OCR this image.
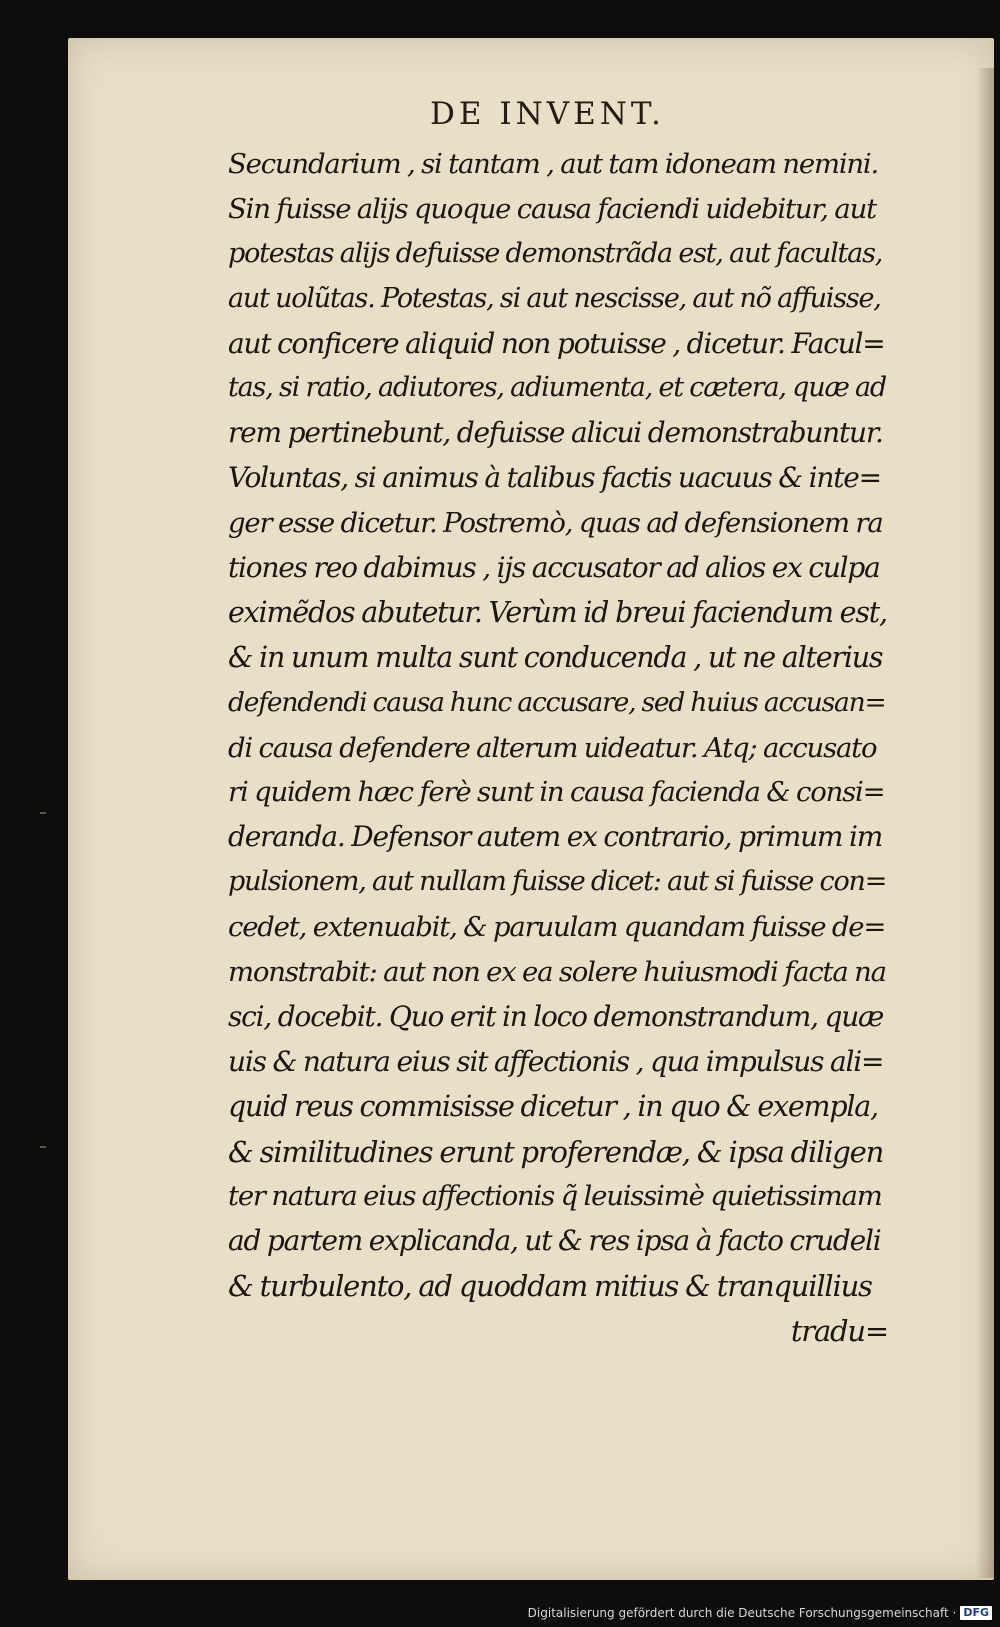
DE INVENT.
Secundarium , si tantam , aut tam idoneam nemini.
Sin fuisse alijs quoque causa faciendi uidebitur, aut
potestas alijs defuisse demonstrãda est, aut facultas,
aut uolũtas. Potestas, si aut nescisse, aut nõ affuisse,
aut conficere aliquid non potuisse , dicetur. Facul=
tas, si ratio, adiutores, adiumenta, et cætera, quæ ad
rem pertinebunt, defuisse alicui demonstrabuntur.
Voluntas, si animus à talibus factis uacuus & inte=
ger esse dicetur. Postremò, quas ad defensionem ra
tiones reo dabimus , ijs accusator ad alios ex culpa
eximẽdos abutetur. Verùm id breui faciendum est,
& in unum multa sunt conducenda , ut ne alterius
defendendi causa hunc accusare, sed huius accusan=
di causa defendere alterum uideatur. Atq; accusato
ri quidem hæc ferè sunt in causa facienda & consi=
deranda. Defensor autem ex contrario, primum im
pulsionem, aut nullam fuisse dicet: aut si fuisse con=
cedet, extenuabit, & paruulam quandam fuisse de=
monstrabit: aut non ex ea solere huiusmodi facta na
sci, docebit. Quo erit in loco demonstrandum, quæ
uis & natura eius sit affectionis , qua impulsus ali=
quid reus commisisse dicetur , in quo & exempla,
& similitudines erunt proferendæ, & ipsa diligen
ter natura eius affectionis q̃ leuissimè quietissimam
ad partem explicanda, ut & res ipsa à facto crudeli
& turbulento, ad quoddam mitius & tranquillius
tradu=
Digitalisierung gefördert durch die Deutsche Forschungsgemeinschaft · DFG
